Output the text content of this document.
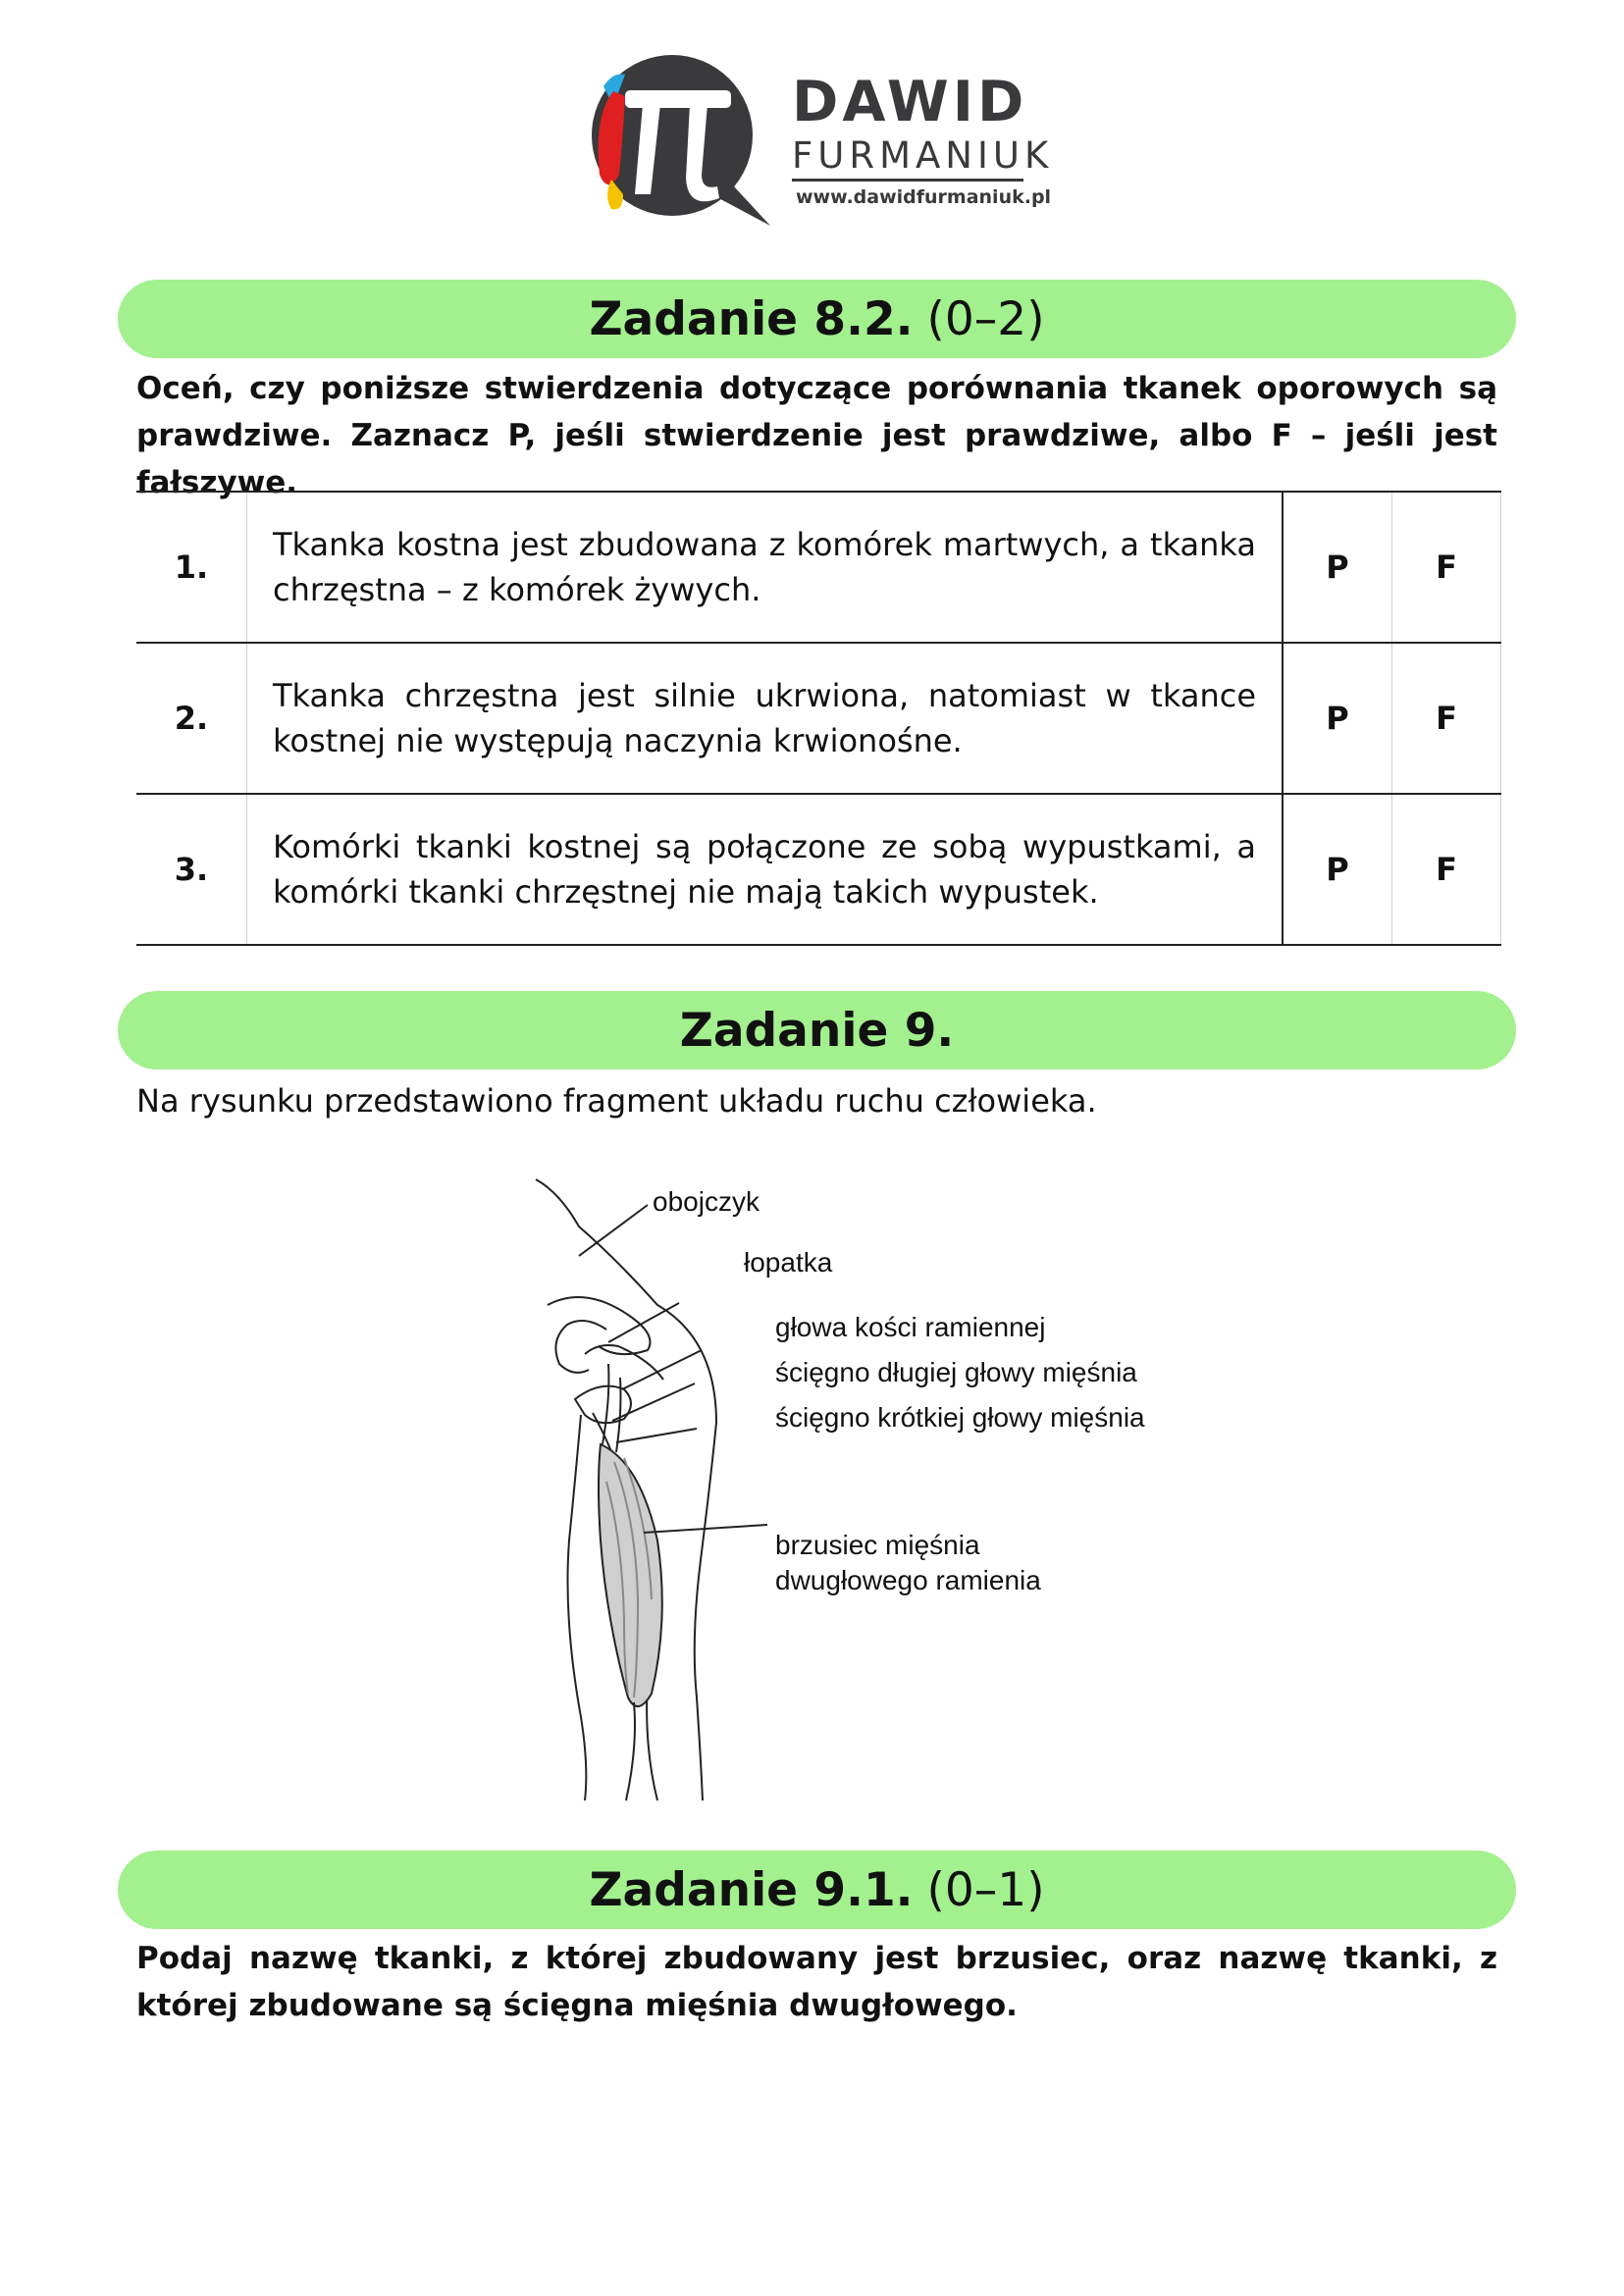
DAWID
FURMANIUK
www.dawidfurmaniuk.pl
Zadanie 8.2. (0–2)
Oceń, czy poniższe stwierdzenia dotyczące porównania tkanek oporowych są prawdziwe. Zaznacz P, jeśli stwierdzenie jest prawdziwe, albo F – jeśli jest fałszywe.
1.	Tkanka kostna jest zbudowana z komórek martwych, a tkanka chrzęstna – z komórek żywych.	P	F
2.	Tkanka chrzęstna jest silnie ukrwiona, natomiast w tkance kostnej nie występują naczynia krwionośne.	P	F
3.	Komórki tkanki kostnej są połączone ze sobą wypustkami, a komórki tkanki chrzęstnej nie mają takich wypustek.	P	F
Zadanie 9.
Na rysunku przedstawiono fragment układu ruchu człowieka.
obojczyk
łopatka
głowa kości ramiennej
ścięgno długiej głowy mięśnia
ścięgno krótkiej głowy mięśnia
brzusiec mięśnia
dwugłowego ramienia
Zadanie 9.1. (0–1)
Podaj nazwę tkanki, z której zbudowany jest brzusiec, oraz nazwę tkanki, z której zbudowane są ścięgna mięśnia dwugłowego.
